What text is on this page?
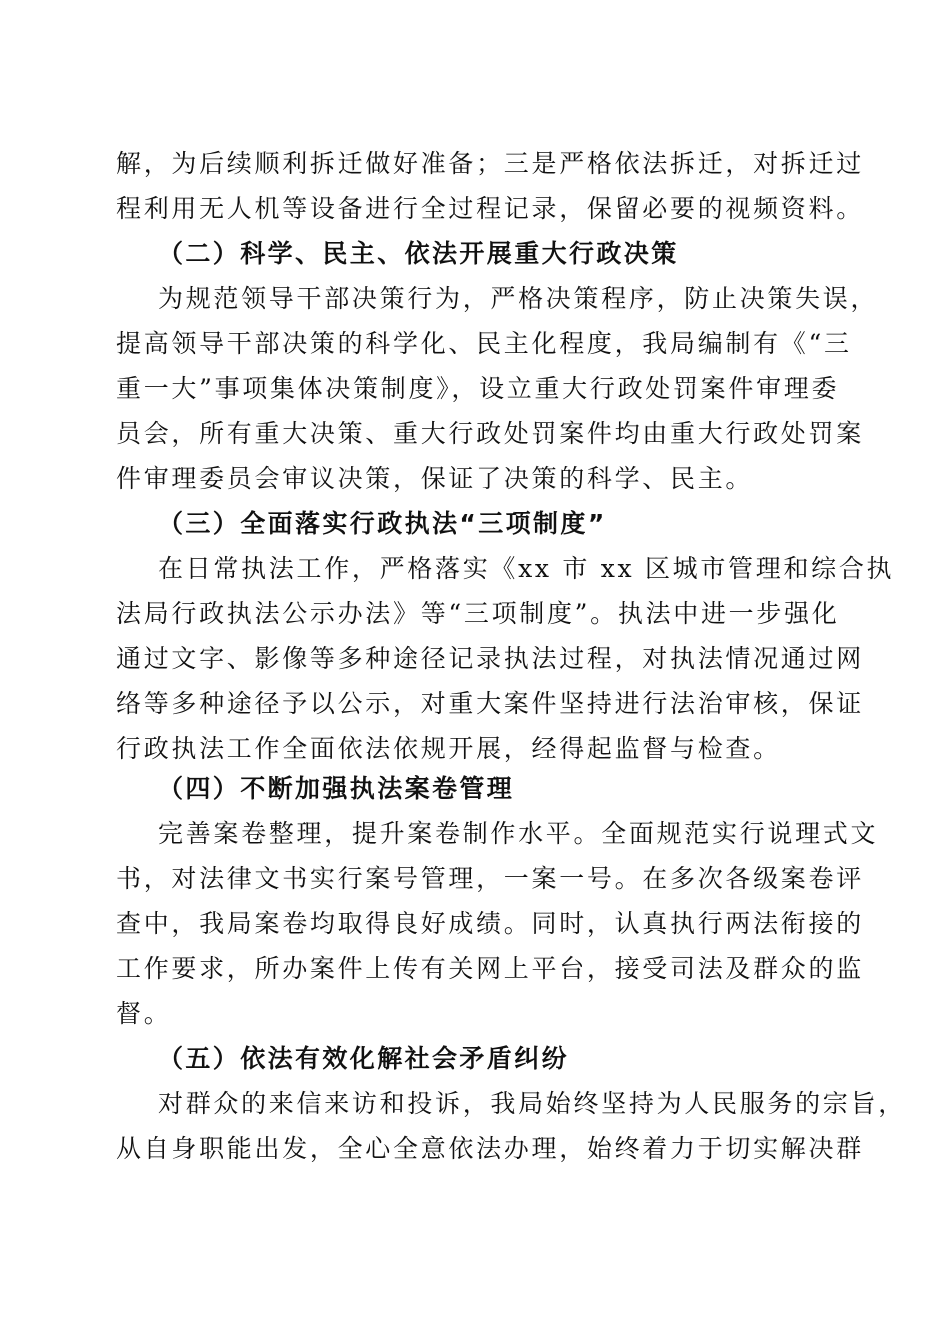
解，为后续顺利拆迁做好准备；三是严格依法拆迁，对拆迁过
程利用无人机等设备进行全过程记录，保留必要的视频资料。
（二）科学、民主、依法开展重大行政决策
为规范领导干部决策行为，严格决策程序，防止决策失误，
提高领导干部决策的科学化、民主化程度，我局编制有《“三
重一大”事项集体决策制度》，设立重大行政处罚案件审理委
员会，所有重大决策、重大行政处罚案件均由重大行政处罚案
件审理委员会审议决策，保证了决策的科学、民主。
（三）全面落实行政执法“三项制度”
在日常执法工作，严格落实《xx 市 xx 区城市管理和综合执
法局行政执法公示办法》等“三项制度”。执法中进一步强化
通过文字、影像等多种途径记录执法过程，对执法情况通过网
络等多种途径予以公示，对重大案件坚持进行法治审核，保证
行政执法工作全面依法依规开展，经得起监督与检查。
（四）不断加强执法案卷管理
完善案卷整理，提升案卷制作水平。全面规范实行说理式文
书，对法律文书实行案号管理，一案一号。在多次各级案卷评
查中，我局案卷均取得良好成绩。同时，认真执行两法衔接的
工作要求，所办案件上传有关网上平台，接受司法及群众的监
督。
（五）依法有效化解社会矛盾纠纷
对群众的来信来访和投诉，我局始终坚持为人民服务的宗旨，
从自身职能出发，全心全意依法办理，始终着力于切实解决群
